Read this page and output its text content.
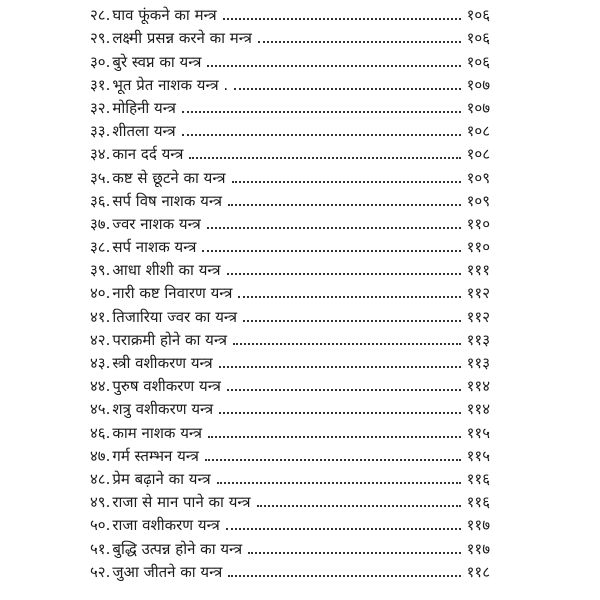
२८. घाव फूंकने का मन्त्र	१०६
२९. लक्ष्मी प्रसन्न करने का मन्त्र	१०६
३०. बुरे स्वप्न का यन्त्र	१०६
३१. भूत प्रेत नाशक यन्त्र .	१०७
३२. मोहिनी यन्त्र	१०७
३३. शीतला यन्त्र	१०८
३४. कान दर्द यन्त्र	१०८
३५. कष्ट से छूटने का यन्त्र	१०९
३६. सर्प विष नाशक यन्त्र	१०९
३७. ज्वर नाशक यन्त्र	११०
३८. सर्प नाशक यन्त्र	११०
३९. आधा शीशी का यन्त्र	१११
४०. नारी कष्ट निवारण यन्त्र	११२
४१. तिजारिया ज्वर का यन्त्र	११२
४२. पराक्रमी होने का यन्त्र	११३
४३. स्त्री वशीकरण यन्त्र	११३
४४. पुरुष वशीकरण यन्त्र	११४
४५. शत्रु वशीकरण यन्त्र	११४
४६. काम नाशक यन्त्र	११५
४७. गर्म स्तम्भन यन्त्र	११५
४८. प्रेम बढ़ाने का यन्त्र	११६
४९. राजा से मान पाने का यन्त्र	११६
५०. राजा वशीकरण यन्त्र	११७
५१. बुद्धि उत्पन्न होने का यन्त्र	११७
५२. जुआ जीतने का यन्त्र	११८
